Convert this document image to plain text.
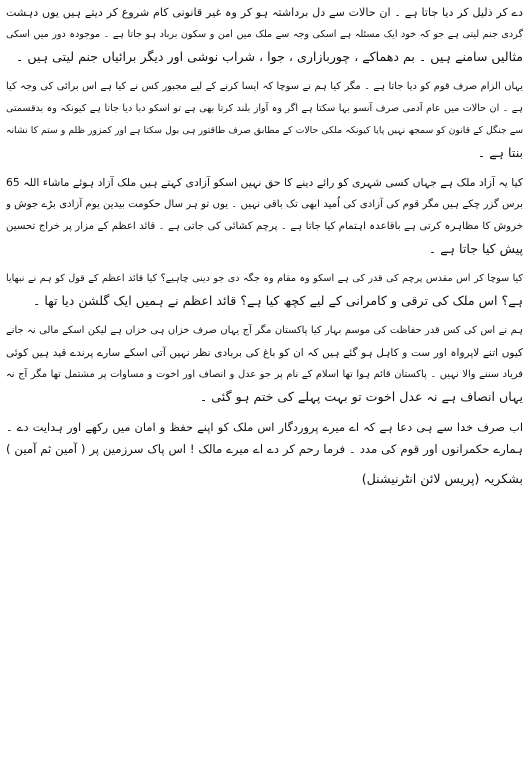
دے کر ذلیل کر دیا جاتا ہے ۔ ان حالات سے دل برداشتہ ہو کر وہ غیر قانونی کام شروع کر دیتے ہیں یوں دہشت
گردی جنم لیتی ہے جو کہ خود ایک مسئلہ ہے اسکی وجہ سے ملک میں امن و سکون برباد ہو جاتا ہے ۔ موجودہ دور میں اسکی
مثالیں سامنے ہیں ۔ بم دھماکے ، چوربازاری ، جوا ، شراب نوشی اور دیگر برائیاں جنم لیتی ہیں ۔
یہاں الزام صرف قوم کو دیا جاتا ہے ۔ مگر کیا ہم نے سوچا کہ ایسا کرنے کے لیے مجبور کس نے کیا ہے اس برائی کی وجہ کیا
ہے ۔ ان حالات میں عام آدمی صرف آنسو بہا سکتا ہے اگر وہ آواز بلند کرتا بھی ہے تو اسکو دبا دیا جاتا ہے کیونکہ وہ بدقسمتی
سے جنگل کے قانون کو سمجھ نہیں پایا کیونکہ ملکی حالات کے مطابق صرف طاقتور ہی بول سکتا ہے اور کمزور ظلم و ستم کا نشانہ
بنتا ہے ۔
کیا یہ آزاد ملک ہے جہاں کسی شہری کو رائے دینے کا حق نہیں اسکو آزادی کہتے ہیں ملک آزاد ہوئے ماشاء اللہ 65
برس گزر چکے ہیں مگر قوم کی آزادی کی اُمید ابھی تک باقی نہیں ۔ یوں تو ہر سال حکومت بیدین یوم آزادی بڑے جوش و
خروش کا مظاہرہ کرتی ہے باقاعدہ اہتمام کیا جاتا ہے ۔ پرچم کشائی کی جاتی ہے ۔ قائد اعظم کے مزار پر خراج تحسین
پیش کیا جاتا ہے ۔
کیا سوچا کر اس مقدس پرچم کی قدر کی ہے اسکو وہ مقام وہ جگہ دی جو دینی چاہیے؟ کیا قائد اعظم کے قول کو ہم نے نبھایا
ہے؟ اس ملک کی ترقی و کامرانی کے لیے کچھ کیا ہے؟ قائد اعظم نے ہمیں ایک گلشن دیا تھا ۔
ہم نے اس کی کس قدر حفاظت کی موسم بہار کیا پاکستان مگر آج یہاں صرف خزاں ہی خزاں ہے لیکن اسکے مالی نہ جانے
کیوں اتنے لاپرواہ اور ست و کاہل ہو گئے ہیں کہ ان کو باغ کی بربادی نظر نہیں آتی اسکے سارے پرندے قید ہیں کوئی
فریاد سننے والا نہیں ۔ پاکستان قائم ہوا تھا اسلام کے نام پر جو عدل و انصاف اور اخوت و مساوات پر مشتمل تھا مگر آج نہ
یہاں انصاف ہے نہ عدل اخوت تو بہت پہلے کی ختم ہو گئی ۔
اب صرف خدا سے ہی دعا ہے کہ اے میرے پروردگار اس ملک کو اپنے حفظ و امان میں رکھے اور ہدایت دے ۔
ہمارے حکمرانوں اور قوم کی مدد ۔ فرما رحم کر دے اے میرے مالک ! اس پاک سرزمین پر ( آمین ثم آمین )
بشکریہ (پریس لائن انٹرنیشنل)
